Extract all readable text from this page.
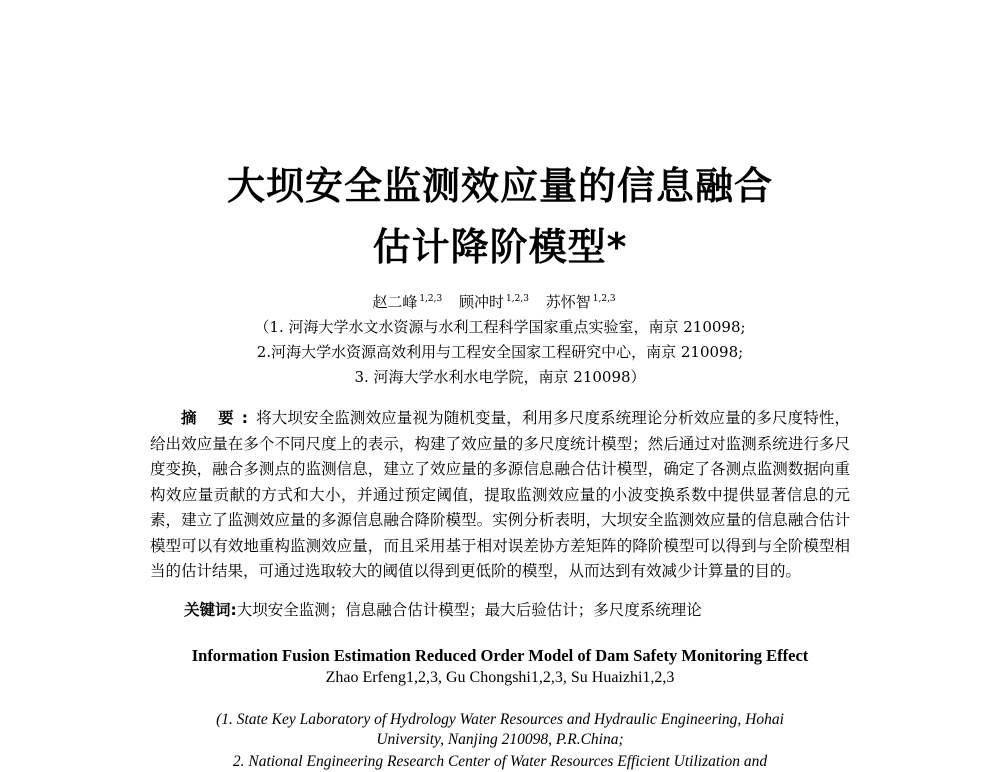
大坝安全监测效应量的信息融合
估计降阶模型*
赵二峰 $^{1,2,3}$ 顾冲时 $^{1,2,3}$ 苏怀智 $^{1,2,3}$
（1. 河海大学水文水资源与水利工程科学国家重点实验室，南京 210098;
2.河海大学水资源高效利用与工程安全国家工程研究中心，南京 210098;
3. 河海大学水利水电学院，南京 210098）
摘 要:将大坝安全监测效应量视为随机变量，利用多尺度系统理论分析效应量的多尺度特性，给出效应量在多个不同尺度上的表示，构建了效应量的多尺度统计模型；然后通过对监测系统进行多尺度变换，融合多测点的监测信息，建立了效应量的多源信息融合估计模型，确定了各测点监测数据向重构效应量贡献的方式和大小，并通过预定阈值，提取监测效应量的小波变换系数中提供显著信息的元素，建立了监测效应量的多源信息融合降阶模型。实例分析表明，大坝安全监测效应量的信息融合估计模型可以有效地重构监测效应量，而且采用基于相对误差协方差矩阵的降阶模型可以得到与全阶模型相当的估计结果，可通过选取较大的阈值以得到更低阶的模型，从而达到有效减少计算量的目的。
关键词:大坝安全监测；信息融合估计模型；最大后验估计；多尺度系统理论
Information Fusion Estimation Reduced Order Model of Dam Safety Monitoring Effect
Zhao Erfeng1,2,3, Gu Chongshi1,2,3, Su Huaizhi1,2,3
(1. State Key Laboratory of Hydrology Water Resources and Hydraulic Engineering, Hohai
University, Nanjing 210098, P.R.China;
2. National Engineering Research Center of Water Resources Efficient Utilization and
